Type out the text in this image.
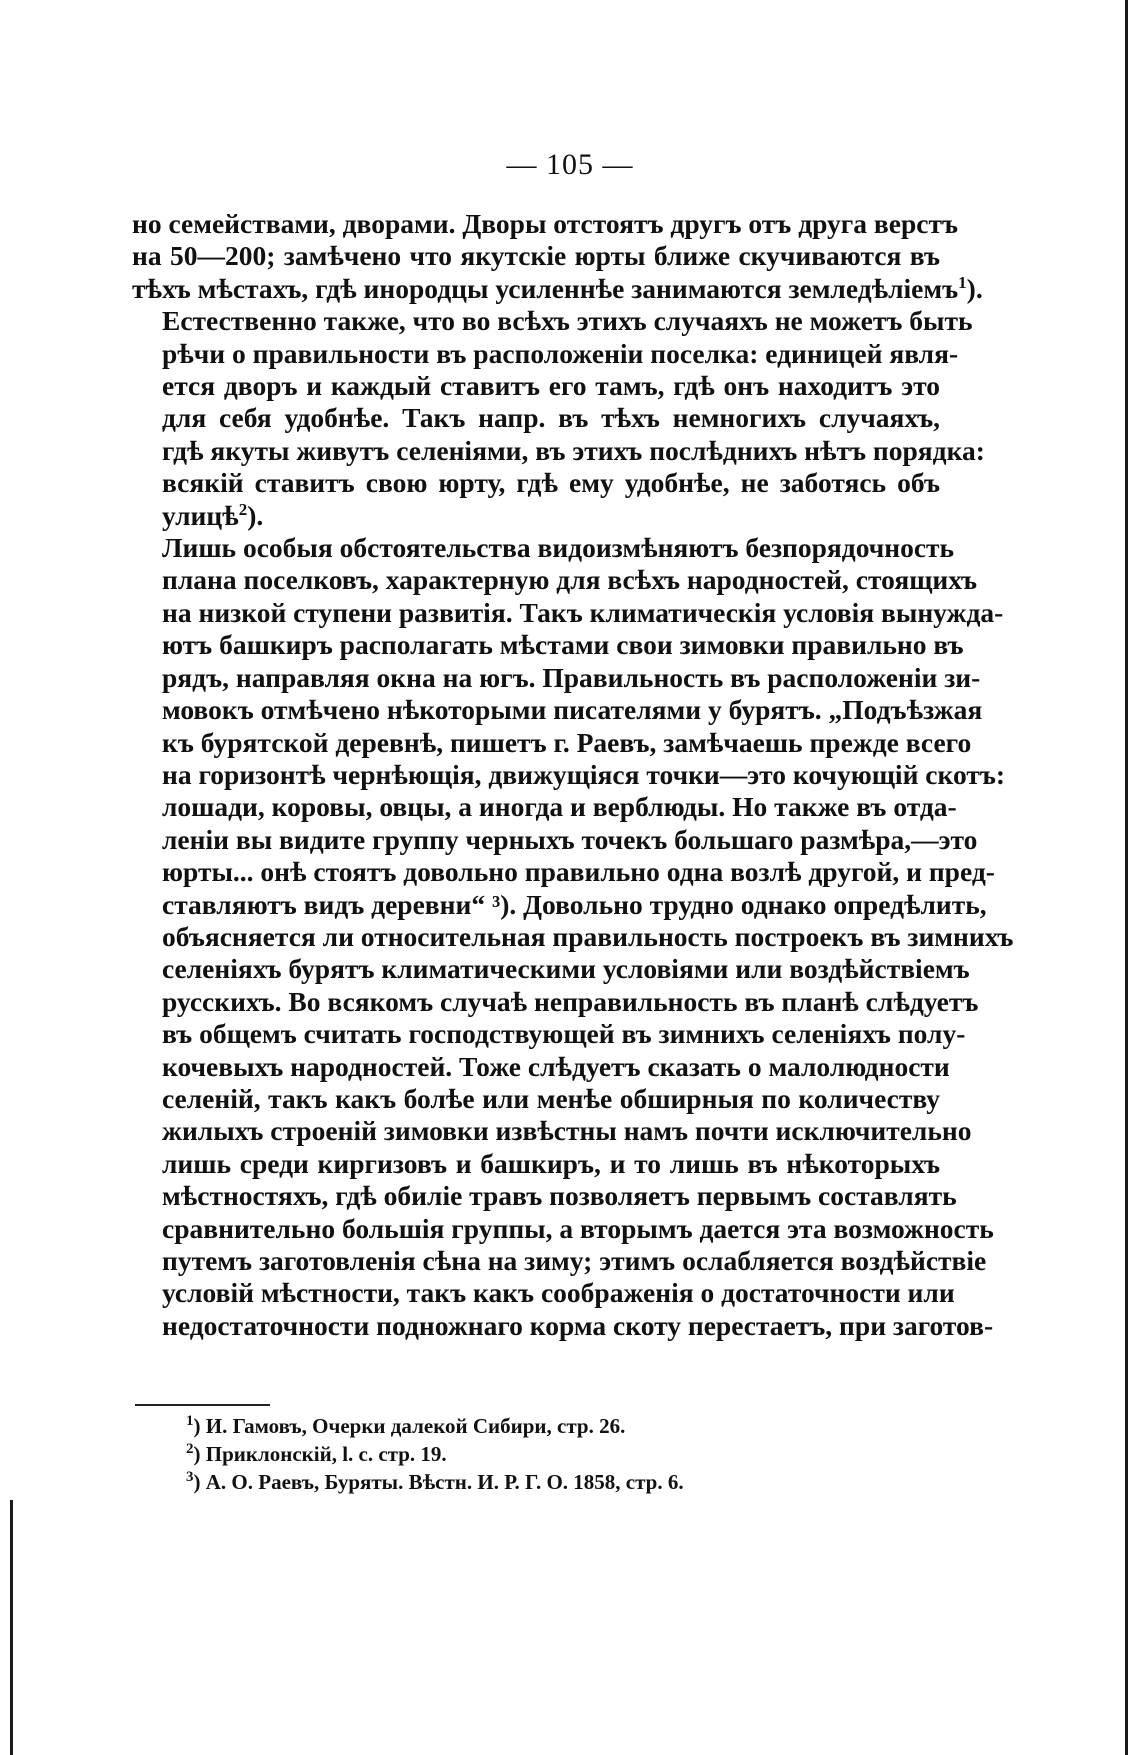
— 105 —
но семействами, дворами. Дворы отстоятъ другъ отъ друга верстъ
на 50—200; замѣчено что якутскіе юрты ближе скучиваются въ
тѣхъ мѣстахъ, гдѣ инородцы усиленнѣе занимаются земледѣліемъ$^1$).
Естественно также, что во всѣхъ этихъ случаяхъ не можетъ быть
рѣчи о правильности въ расположеніи поселка: единицей явля-
ется дворъ и каждый ставитъ его тамъ, гдѣ онъ находитъ это
для себя удобнѣе. Такъ напр. въ тѣхъ немногихъ случаяхъ,
гдѣ якуты живутъ селеніями, въ этихъ послѣднихъ нѣтъ порядка:
всякій ставитъ свою юрту, гдѣ ему удобнѣе, не заботясь объ
улицѣ$^2$).
Лишь особыя обстоятельства видоизмѣняютъ безпорядочность
плана поселковъ, характерную для всѣхъ народностей, стоящихъ
на низкой ступени развитія. Такъ климатическія условія вынужда-
ютъ башкиръ располагать мѣстами свои зимовки правильно въ
рядъ, направляя окна на югъ. Правильность въ расположеніи зи-
мовокъ отмѣчено нѣкоторыми писателями у бурятъ. „Подъѣзжая
къ бурятской деревнѣ, пишетъ г. Раевъ, замѣчаешь прежде всего
на горизонтѣ чернѣющія, движущіяся точки—это кочующій скотъ:
лошади, коровы, овцы, а иногда и верблюды. Но также въ отда-
леніи вы видите группу черныхъ точекъ большаго размѣра,—это
юрты... онѣ стоятъ довольно правильно одна возлѣ другой, и пред-
ставляютъ видъ деревни“ ³). Довольно трудно однако опредѣлить,
объясняется ли относительная правильность построекъ въ зимнихъ
селеніяхъ бурятъ климатическими условіями или воздѣйствіемъ
русскихъ. Во всякомъ случаѣ неправильность въ планѣ слѣдуетъ
въ общемъ считать господствующей въ зимнихъ селеніяхъ полу-
кочевыхъ народностей. Тоже слѣдуетъ сказать о малолюдности
селеній, такъ какъ болѣе или менѣе обширныя по количеству
жилыхъ строеній зимовки извѣстны намъ почти исключительно
лишь среди киргизовъ и башкиръ, и то лишь въ нѣкоторыхъ
мѣстностяхъ, гдѣ обиліе травъ позволяетъ первымъ составлять
сравнительно большія группы, а вторымъ дается эта возможность
путемъ заготовленія сѣна на зиму; этимъ ослабляется воздѣйствіе
условій мѣстности, такъ какъ соображенія о достаточности или
недостаточности подножнаго корма скоту перестаетъ, при заготов-
$^1$) И. Гамовъ, Очерки далекой Сибири, стр. 26.
$^2$) Приклонскій, l. c. стр. 19.
$^3$) А. О. Раевъ, Буряты. Вѣстн. И. Р. Г. О. 1858, стр. 6.
